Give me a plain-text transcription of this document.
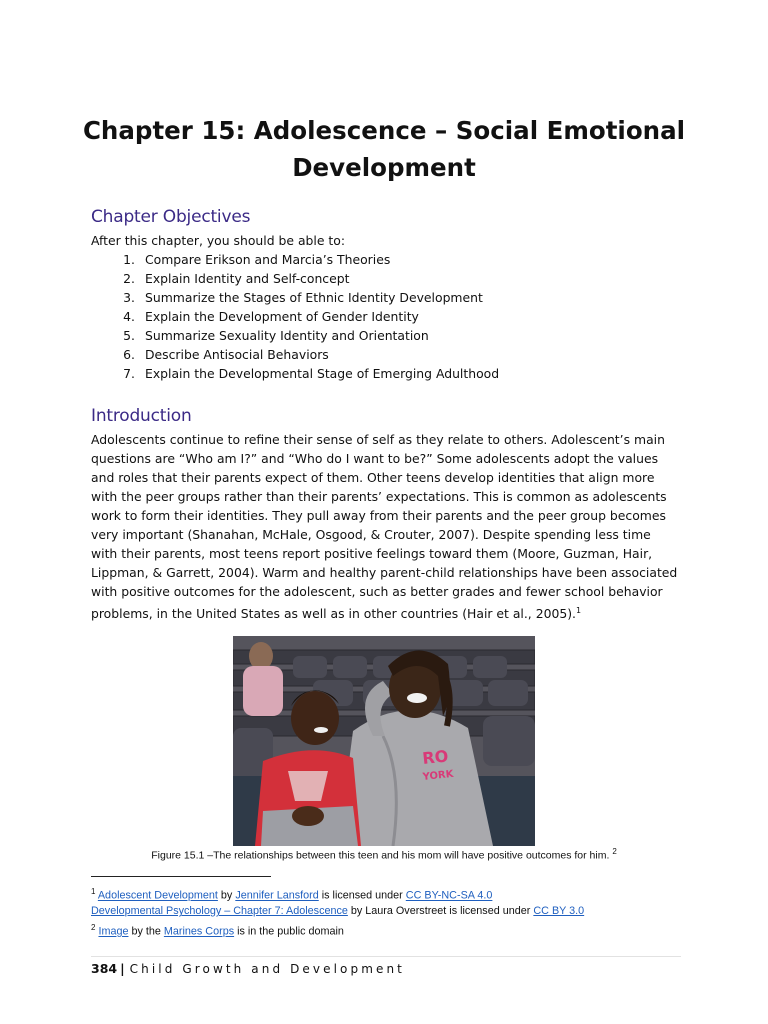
Chapter 15: Adolescence – Social Emotional
Development
Chapter Objectives
After this chapter, you should be able to:
1. Compare Erikson and Marcia’s Theories
2. Explain Identity and Self-concept
3. Summarize the Stages of Ethnic Identity Development
4. Explain the Development of Gender Identity
5. Summarize Sexuality Identity and Orientation
6. Describe Antisocial Behaviors
7. Explain the Developmental Stage of Emerging Adulthood
Introduction
Adolescents continue to refine their sense of self as they relate to others. Adolescent’s main questions are “Who am I?” and “Who do I want to be?” Some adolescents adopt the values and roles that their parents expect of them. Other teens develop identities that align more with the peer groups rather than their parents’ expectations. This is common as adolescents work to form their identities. They pull away from their parents and the peer group becomes very important (Shanahan, McHale, Osgood, & Crouter, 2007). Despite spending less time with their parents, most teens report positive feelings toward them (Moore, Guzman, Hair, Lippman, & Garrett, 2004). Warm and healthy parent-child relationships have been associated with positive outcomes for the adolescent, such as better grades and fewer school behavior problems, in the United States as well as in other countries (Hair et al., 2005).$^1$
RO
YORK
Figure 15.1 –The relationships between this teen and his mom will have positive outcomes for him. $^2$
$^1$ Adolescent Development by Jennifer Lansford is licensed under CC BY-NC-SA 4.0
Developmental Psychology – Chapter 7: Adolescence by Laura Overstreet is licensed under CC BY 3.0
$^2$ Image by the Marines Corps is in the public domain
384 | Child Growth and Development
